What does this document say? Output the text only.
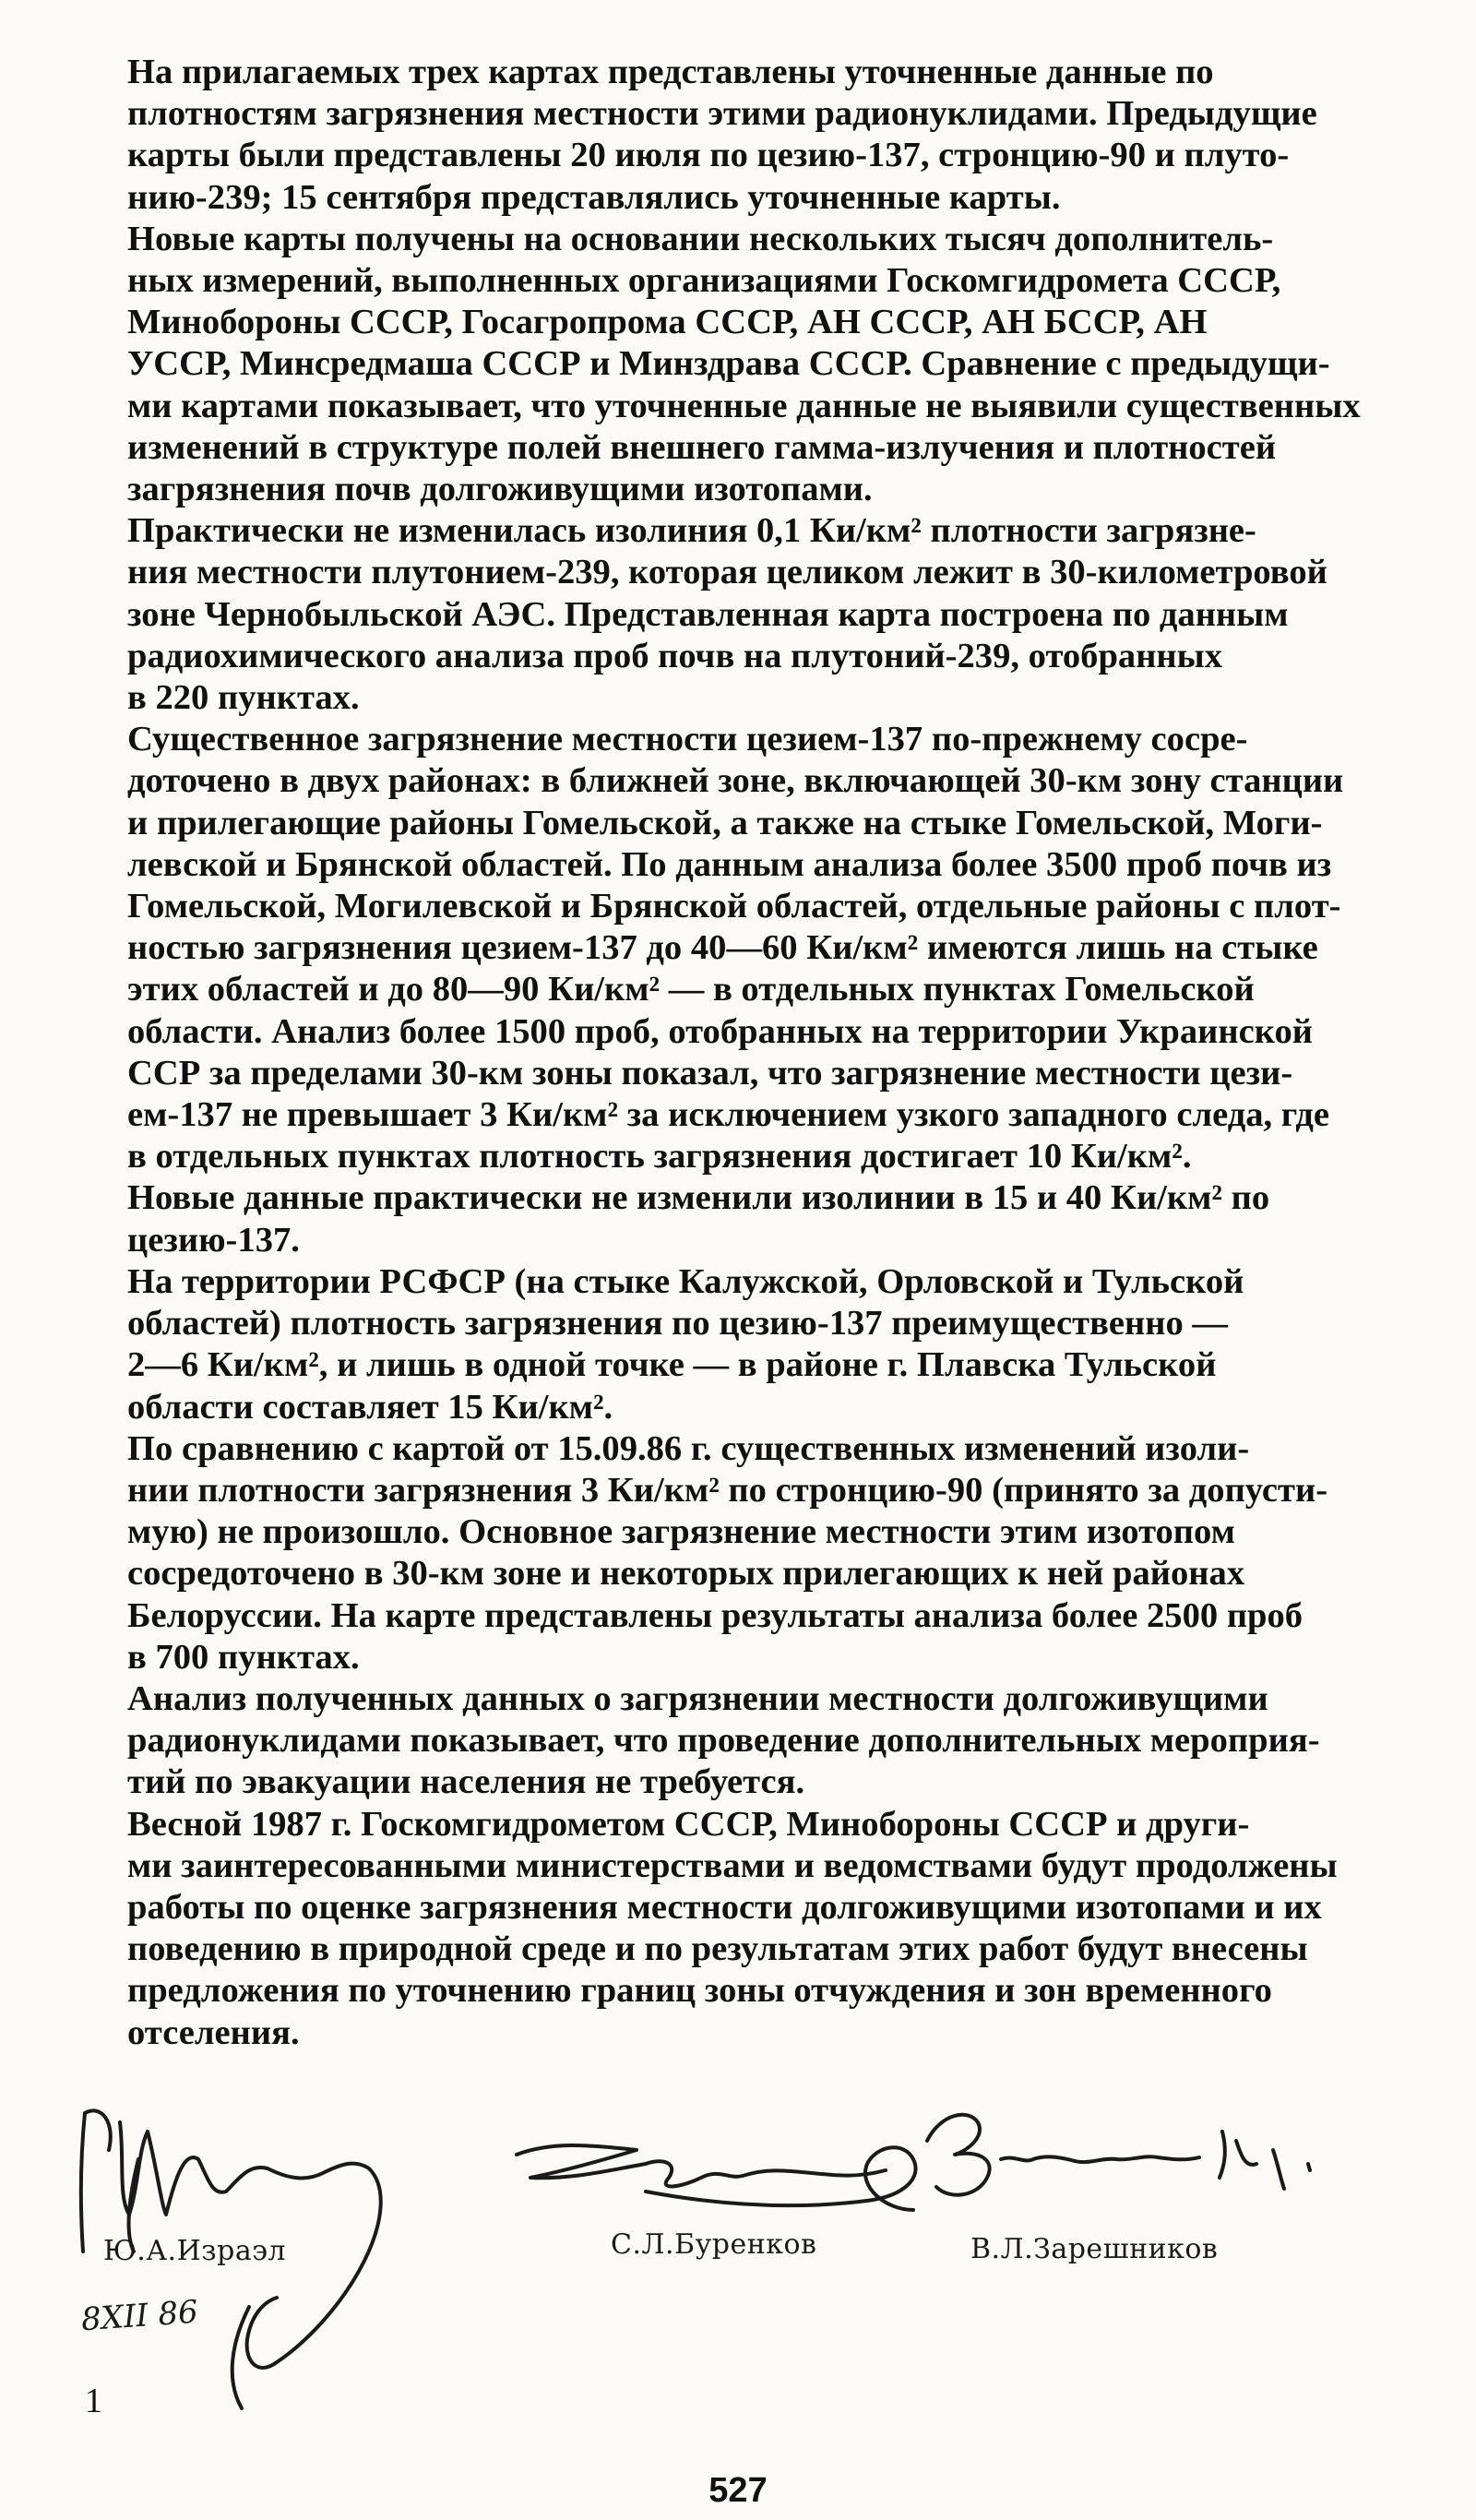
На прилагаемых трех картах представлены уточненные данные по
плотностям загрязнения местности этими радионуклидами. Предыдущие
карты были представлены 20 июля по цезию-137, стронцию-90 и плуто-
нию-239; 15 сентября представлялись уточненные карты.

Новые карты получены на основании нескольких тысяч дополнитель-
ных измерений, выполненных организациями Госкомгидромета СССР,
Минобороны СССР, Госагропрома СССР, АН СССР, АН БССР, АН
УССР, Минсредмаша СССР и Минздрава СССР. Сравнение с предыдущи-
ми картами показывает, что уточненные данные не выявили существенных
изменений в структуре полей внешнего гамма-излучения и плотностей
загрязнения почв долгоживущими изотопами.

Практически не изменилась изолиния 0,1 Ки/км² плотности загрязне-
ния местности плутонием-239, которая целиком лежит в 30-километровой
зоне Чернобыльской АЭС. Представленная карта построена по данным
радиохимического анализа проб почв на плутоний-239, отобранных
в 220 пунктах.

Существенное загрязнение местности цезием-137 по-прежнему сосре-
доточено в двух районах: в ближней зоне, включающей 30-км зону станции
и прилегающие районы Гомельской, а также на стыке Гомельской, Моги-
левской и Брянской областей. По данным анализа более 3500 проб почв из
Гомельской, Могилевской и Брянской областей, отдельные районы с плот-
ностью загрязнения цезием-137 до 40—60 Ки/км² имеются лишь на стыке
этих областей и до 80—90 Ки/км² — в отдельных пунктах Гомельской
области. Анализ более 1500 проб, отобранных на территории Украинской
ССР за пределами 30-км зоны показал, что загрязнение местности цези-
ем-137 не превышает 3 Ки/км² за исключением узкого западного следа, где
в отдельных пунктах плотность загрязнения достигает 10 Ки/км².

Новые данные практически не изменили изолинии в 15 и 40 Ки/км² по
цезию-137.

На территории РСФСР (на стыке Калужской, Орловской и Тульской
областей) плотность загрязнения по цезию-137 преимущественно —
2—6 Ки/км², и лишь в одной точке — в районе г. Плавска Тульской
области составляет 15 Ки/км².

По сравнению с картой от 15.09.86 г. существенных изменений изоли-
нии плотности загрязнения 3 Ки/км² по стронцию-90 (принято за допусти-
мую) не произошло. Основное загрязнение местности этим изотопом
сосредоточено в 30-км зоне и некоторых прилегающих к ней районах
Белоруссии. На карте представлены результаты анализа более 2500 проб
в 700 пунктах.

Анализ полученных данных о загрязнении местности долгоживущими
радионуклидами показывает, что проведение дополнительных мероприя-
тий по эвакуации населения не требуется.

Весной 1987 г. Госкомгидрометом СССР, Минобороны СССР и други-
ми заинтересованными министерствами и ведомствами будут продолжены
работы по оценке загрязнения местности долгоживущими изотопами и их
поведению в природной среде и по результатам этих работ будут внесены
предложения по уточнению границ зоны отчуждения и зон временного
отселения.

Ю.А.Израэл
8XII 86
С.Л.Буренков	В.Л.Зарешников
1
527
